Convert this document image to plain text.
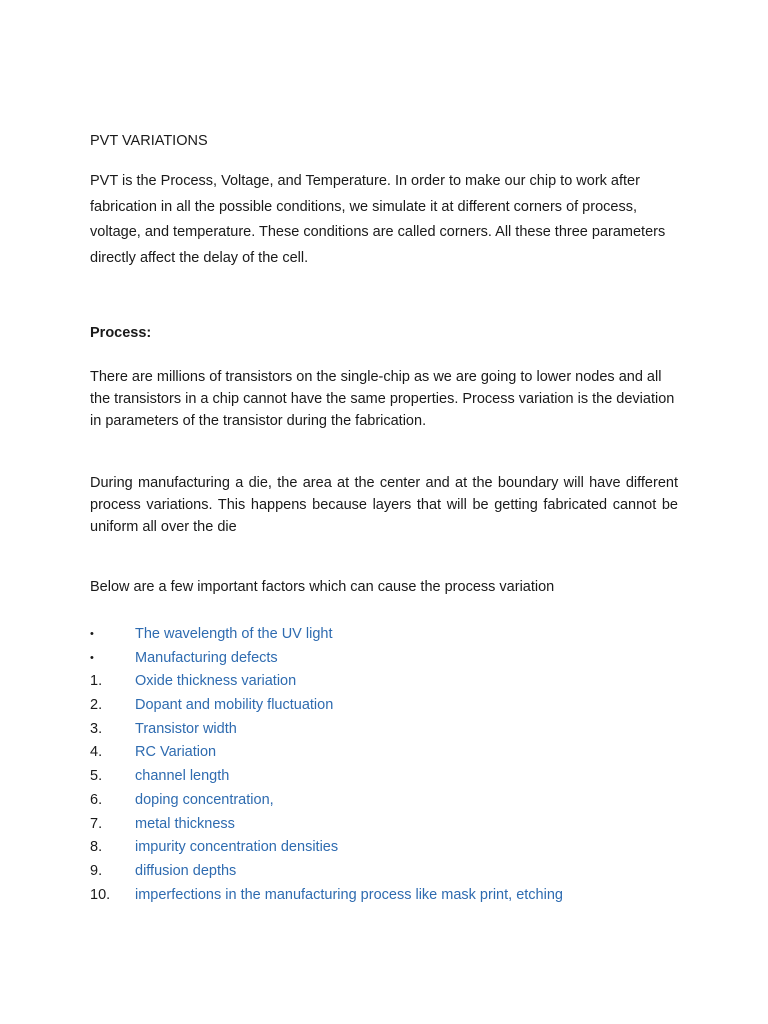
PVT VARIATIONS

PVT is the Process, Voltage, and Temperature. In order to make our chip to work after fabrication in all the possible conditions, we simulate it at different corners of process, voltage, and temperature. These conditions are called corners. All these three parameters directly affect the delay of the cell.

Process:

There are millions of transistors on the single-chip as we are going to lower nodes and all the transistors in a chip cannot have the same properties. Process variation is the deviation in parameters of the transistor during the fabrication.

During manufacturing a die, the area at the center and at the boundary will have different process variations. This happens because layers that will be getting fabricated cannot be uniform all over the die

Below are a few important factors which can cause the process variation

•	The wavelength of the UV light
•	Manufacturing defects
1.	Oxide thickness variation
2.	Dopant and mobility fluctuation
3.	Transistor width
4.	RC Variation
5.	channel length
6.	doping concentration,
7.	metal thickness
8.	impurity concentration densities
9.	diffusion depths
10.	imperfections in the manufacturing process like mask print, etching
